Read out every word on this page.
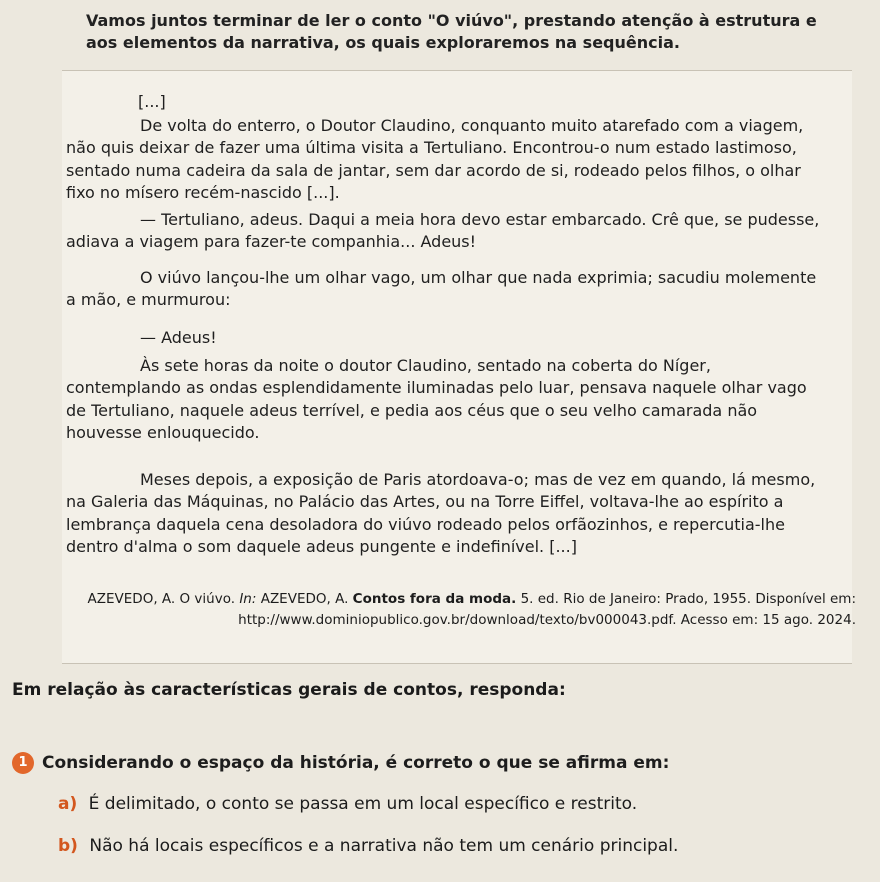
Vamos juntos terminar de ler o conto "O viúvo", prestando atenção à estrutura e aos elementos da narrativa, os quais exploraremos na sequência.

[...]

De volta do enterro, o Doutor Claudino, conquanto muito atarefado com a viagem, não quis deixar de fazer uma última visita a Tertuliano. Encontrou-o num estado lastimoso, sentado numa cadeira da sala de jantar, sem dar acordo de si, rodeado pelos filhos, o olhar fixo no mísero recém-nascido [...].

— Tertuliano, adeus. Daqui a meia hora devo estar embarcado. Crê que, se pudesse, adiava a viagem para fazer-te companhia... Adeus!

O viúvo lançou-lhe um olhar vago, um olhar que nada exprimia; sacudiu molemente a mão, e murmurou:

— Adeus!

Às sete horas da noite o doutor Claudino, sentado na coberta do Níger, contemplando as ondas esplendidamente iluminadas pelo luar, pensava naquele olhar vago de Tertuliano, naquele adeus terrível, e pedia aos céus que o seu velho camarada não houvesse enlouquecido.

Meses depois, a exposição de Paris atordoava-o; mas de vez em quando, lá mesmo, na Galeria das Máquinas, no Palácio das Artes, ou na Torre Eiffel, voltava-lhe ao espírito a lembrança daquela cena desoladora do viúvo rodeado pelos orfãozinhos, e repercutia-lhe dentro d'alma o som daquele adeus pungente e indefinível. [...]

AZEVEDO, A. O viúvo. In: AZEVEDO, A. Contos fora da moda. 5. ed. Rio de Janeiro: Prado, 1955. Disponível em:
http://www.dominiopublico.gov.br/download/texto/bv000043.pdf. Acesso em: 15 ago. 2024.
Em relação às características gerais de contos, responda:
1 Considerando o espaço da história, é correto o que se afirma em:
a) É delimitado, o conto se passa em um local específico e restrito.
b) Não há locais específicos e a narrativa não tem um cenário principal.
